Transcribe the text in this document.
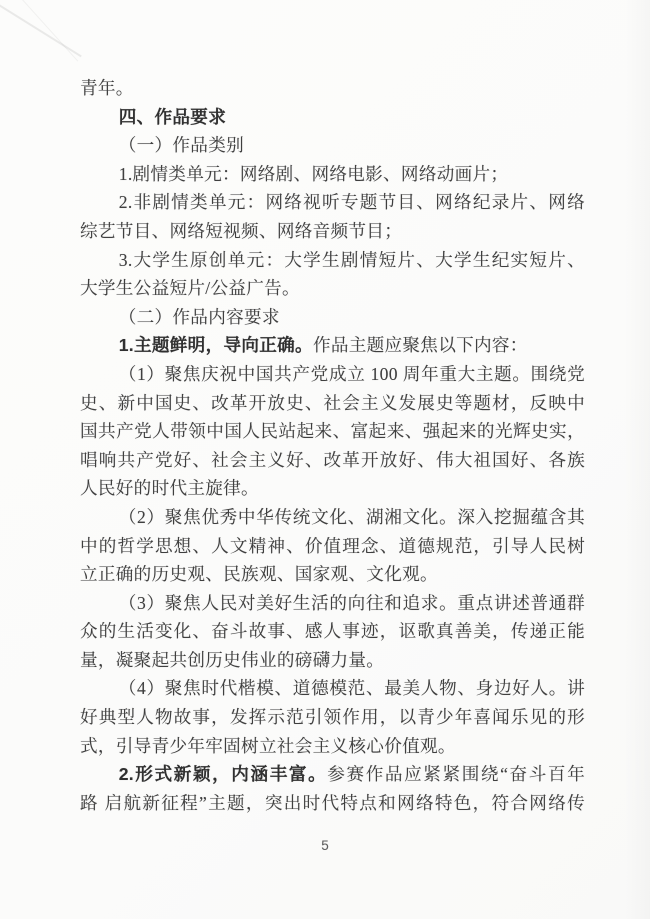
青年。
四、作品要求
（一）作品类别
1.剧情类单元：网络剧、网络电影、网络动画片；
2.非剧情类单元：网络视听专题节目、网络纪录片、网络
综艺节目、网络短视频、网络音频节目；
3.大学生原创单元：大学生剧情短片、大学生纪实短片、
大学生公益短片/公益广告。
（二）作品内容要求
1.主题鲜明，导向正确。作品主题应聚焦以下内容：
（1）聚焦庆祝中国共产党成立 100 周年重大主题。围绕党
史、新中国史、改革开放史、社会主义发展史等题材，反映中
国共产党人带领中国人民站起来、富起来、强起来的光辉史实，
唱响共产党好、社会主义好、改革开放好、伟大祖国好、各族
人民好的时代主旋律。
（2）聚焦优秀中华传统文化、湖湘文化。深入挖掘蕴含其
中的哲学思想、人文精神、价值理念、道德规范，引导人民树
立正确的历史观、民族观、国家观、文化观。
（3）聚焦人民对美好生活的向往和追求。重点讲述普通群
众的生活变化、奋斗故事、感人事迹，讴歌真善美，传递正能
量，凝聚起共创历史伟业的磅礴力量。
（4）聚焦时代楷模、道德模范、最美人物、身边好人。讲
好典型人物故事，发挥示范引领作用，以青少年喜闻乐见的形
式，引导青少年牢固树立社会主义核心价值观。
2.形式新颖，内涵丰富。参赛作品应紧紧围绕“奋斗百年
路 启航新征程”主题，突出时代特点和网络特色，符合网络传
5
